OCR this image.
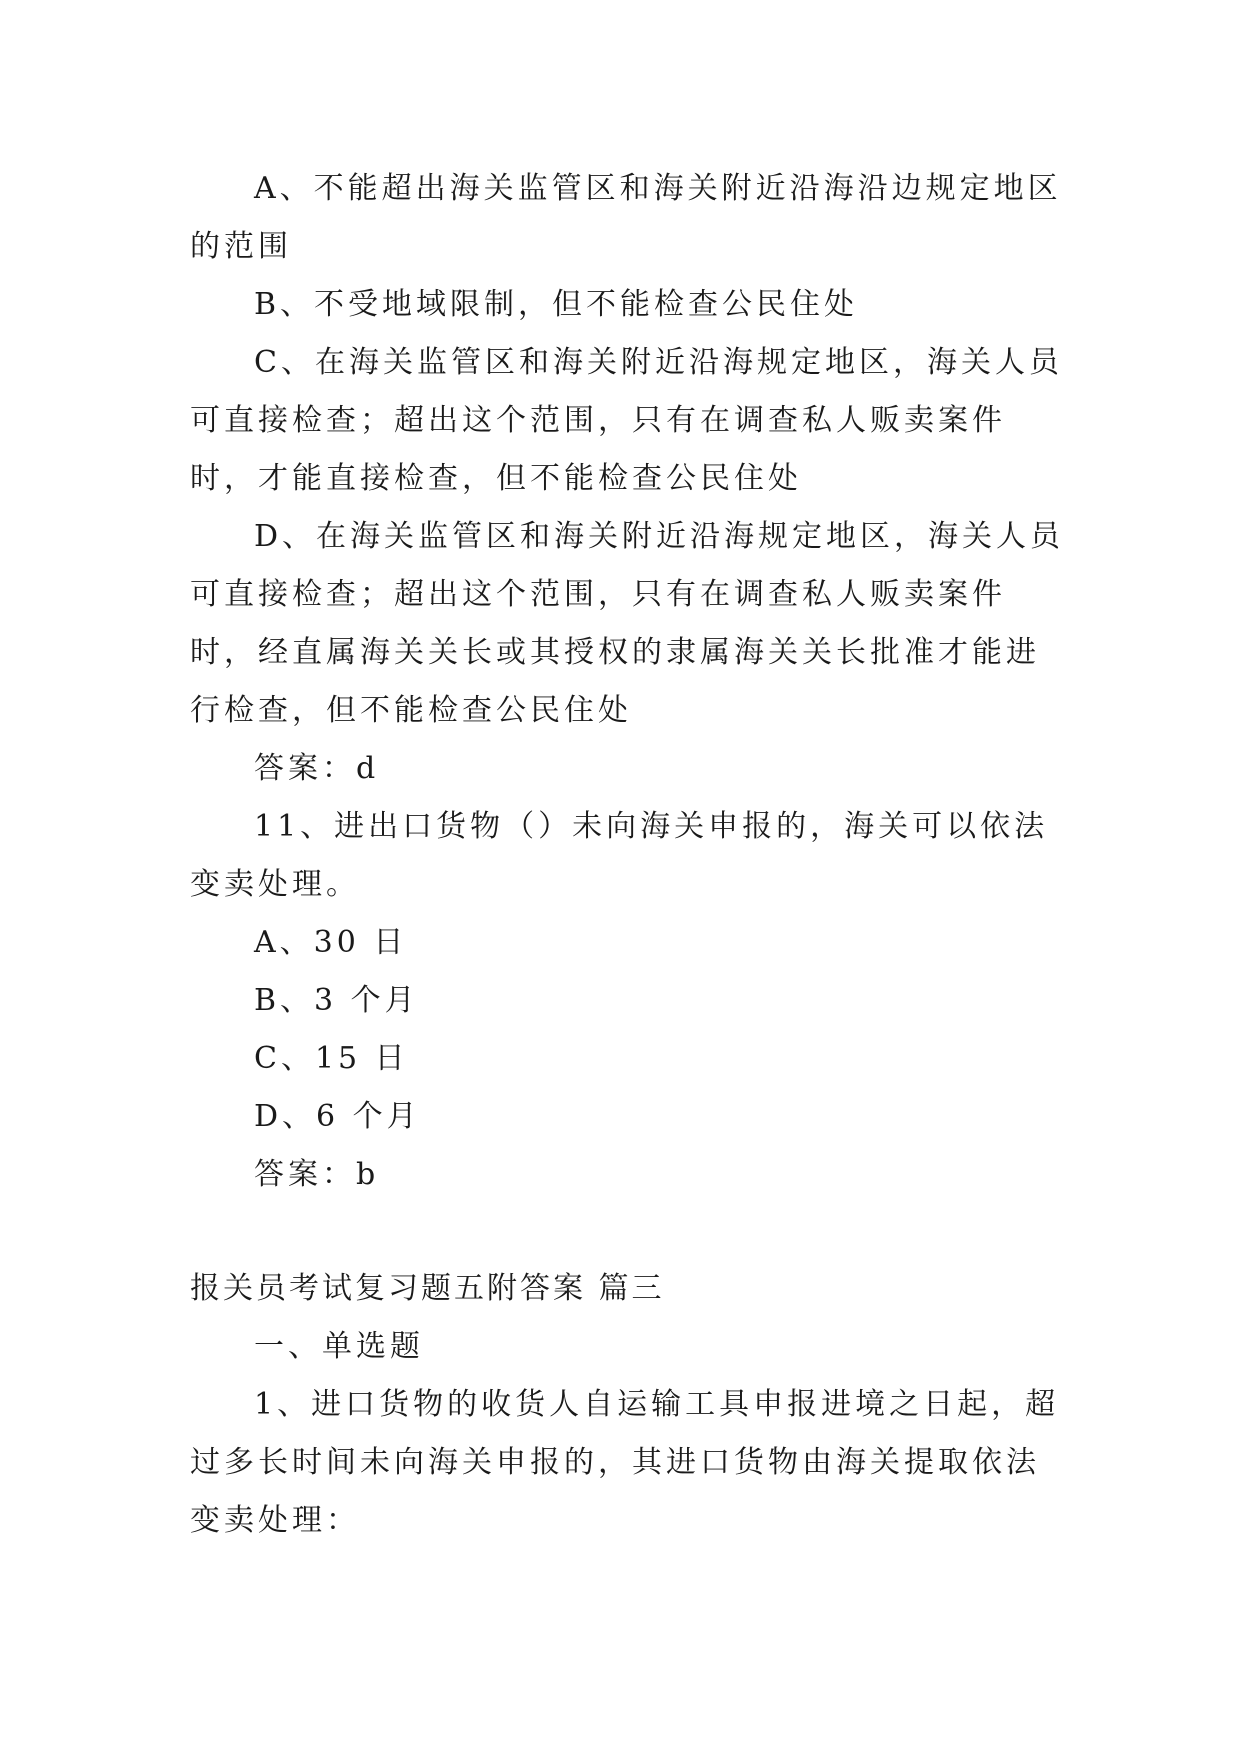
A、不能超出海关监管区和海关附近沿海沿边规定地区的范围

B、不受地域限制，但不能检查公民住处

C、在海关监管区和海关附近沿海规定地区，海关人员可直接检查；超出这个范围，只有在调查私人贩卖案件时，才能直接检查，但不能检查公民住处

D、在海关监管区和海关附近沿海规定地区，海关人员可直接检查；超出这个范围，只有在调查私人贩卖案件时，经直属海关关长或其授权的隶属海关关长批准才能进行检查，但不能检查公民住处

答案：d

11、进出口货物（）未向海关申报的，海关可以依法变卖处理。

A、30 日

B、3 个月

C、15 日

D、6 个月

答案：b

报关员考试复习题五附答案 篇三

一、单选题

1、进口货物的收货人自运输工具申报进境之日起，超过多长时间未向海关申报的，其进口货物由海关提取依法变卖处理：
